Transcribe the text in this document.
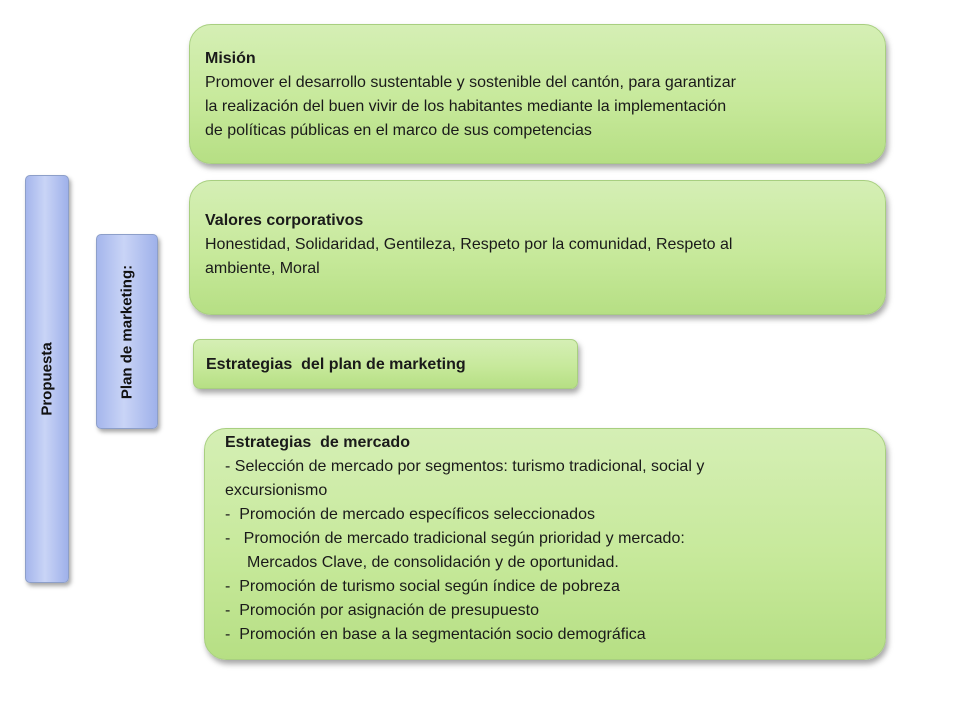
Propuesta	Plan de marketing:
Misión
Promover el desarrollo sustentable y sostenible del cantón, para garantizar
la realización del buen vivir de los habitantes mediante la implementación
de políticas públicas en el marco de sus competencias
Valores corporativos
Honestidad, Solidaridad, Gentileza, Respeto por la comunidad, Respeto al
ambiente, Moral
Estrategias  del plan de marketing
Estrategias  de mercado
- Selección de mercado por segmentos: turismo tradicional, social y
excursionismo
-  Promoción de mercado específicos seleccionados
-   Promoción de mercado tradicional según prioridad y mercado:
Mercados Clave, de consolidación y de oportunidad.
-  Promoción de turismo social según índice de pobreza
-  Promoción por asignación de presupuesto
-  Promoción en base a la segmentación socio demográfica
